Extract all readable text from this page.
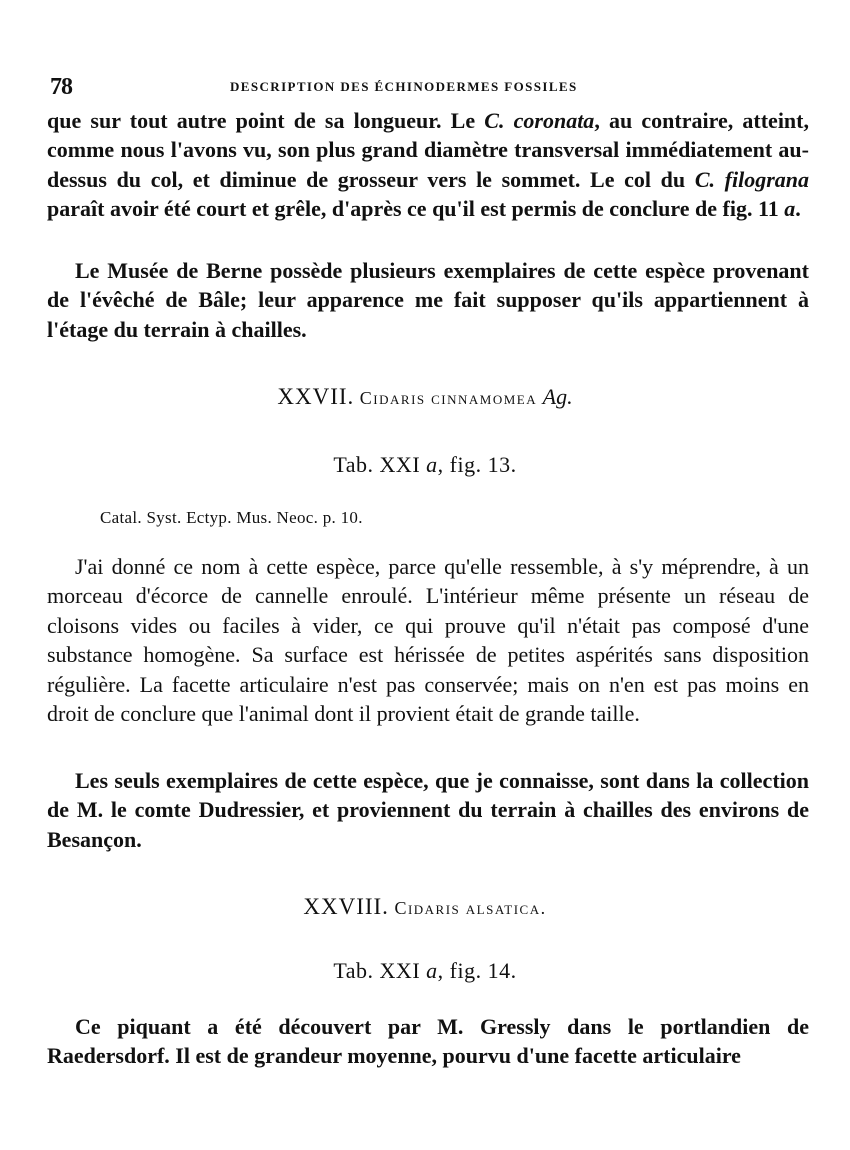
78	DESCRIPTION DES ÉCHINODERMES FOSSILES

que sur tout autre point de sa longueur. Le C. coronata, au contraire, atteint, comme nous l'avons vu, son plus grand diamètre transversal immédiatement au-dessus du col, et diminue de grosseur vers le sommet. Le col du C. filograna paraît avoir été court et grêle, d'après ce qu'il est permis de conclure de fig. 11 a.

Le Musée de Berne possède plusieurs exemplaires de cette espèce provenant de l'évêché de Bâle; leur apparence me fait supposer qu'ils appartiennent à l'étage du terrain à chailles.

XXVII. Cidaris cinnamomea Ag.
Tab. XXI a, fig. 13.

Catal. Syst. Ectyp. Mus. Neoc. p. 10.

J'ai donné ce nom à cette espèce, parce qu'elle ressemble, à s'y méprendre, à un morceau d'écorce de cannelle enroulé. L'intérieur même présente un réseau de cloisons vides ou faciles à vider, ce qui prouve qu'il n'était pas composé d'une substance homogène. Sa surface est hérissée de petites aspérités sans disposition régulière. La facette articulaire n'est pas conservée; mais on n'en est pas moins en droit de conclure que l'animal dont il provient était de grande taille.

Les seuls exemplaires de cette espèce, que je connaisse, sont dans la collection de M. le comte Dudressier, et proviennent du terrain à chailles des environs de Besançon.

XXVIII. Cidaris alsatica.
Tab. XXI a, fig. 14.

Ce piquant a été découvert par M. Gressly dans le portlandien de Raedersdorf. Il est de grandeur moyenne, pourvu d'une facette articulaire
